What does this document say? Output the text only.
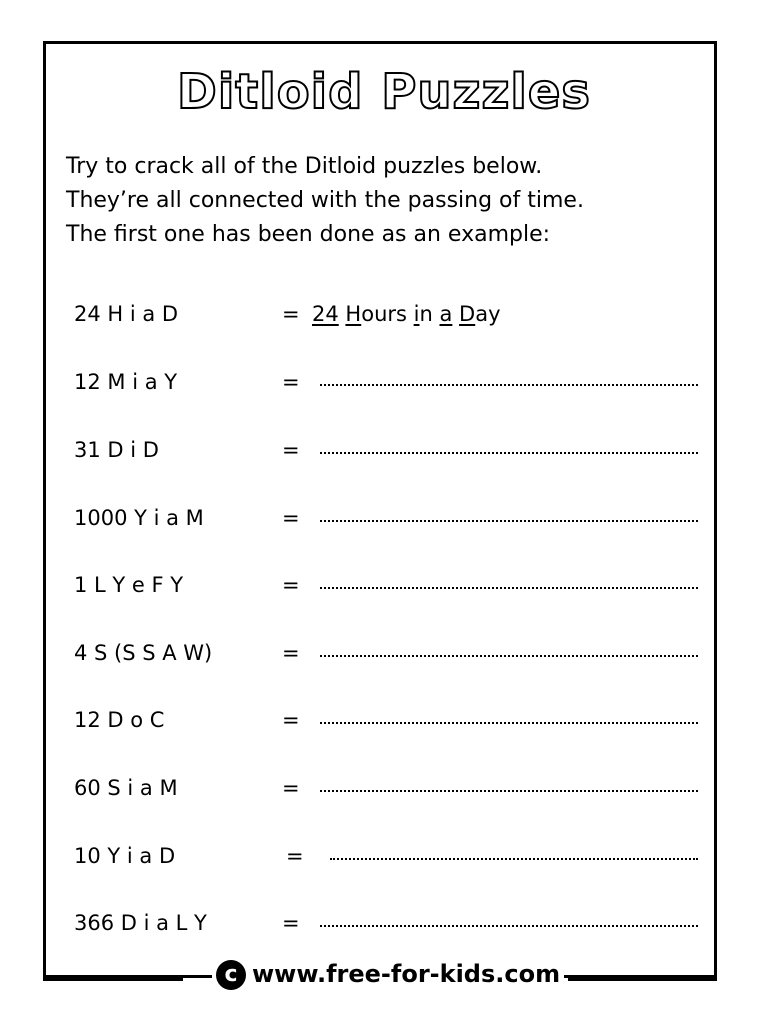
Ditloid Puzzles
Try to crack all of the Ditloid puzzles below.
They’re all connected with the passing of time.
The first one has been done as an example:
24 H i a D	= 24 Hours in a Day
12 M i a Y	=
31 D i D	=
1000 Y i a M	=
1 L Y e F Y	=
4 S (S S A W)	=
12 D o C	=
60 S i a M	=
10 Y i a D	=
366 D i a L Y	=
c www.free-for-kids.com
